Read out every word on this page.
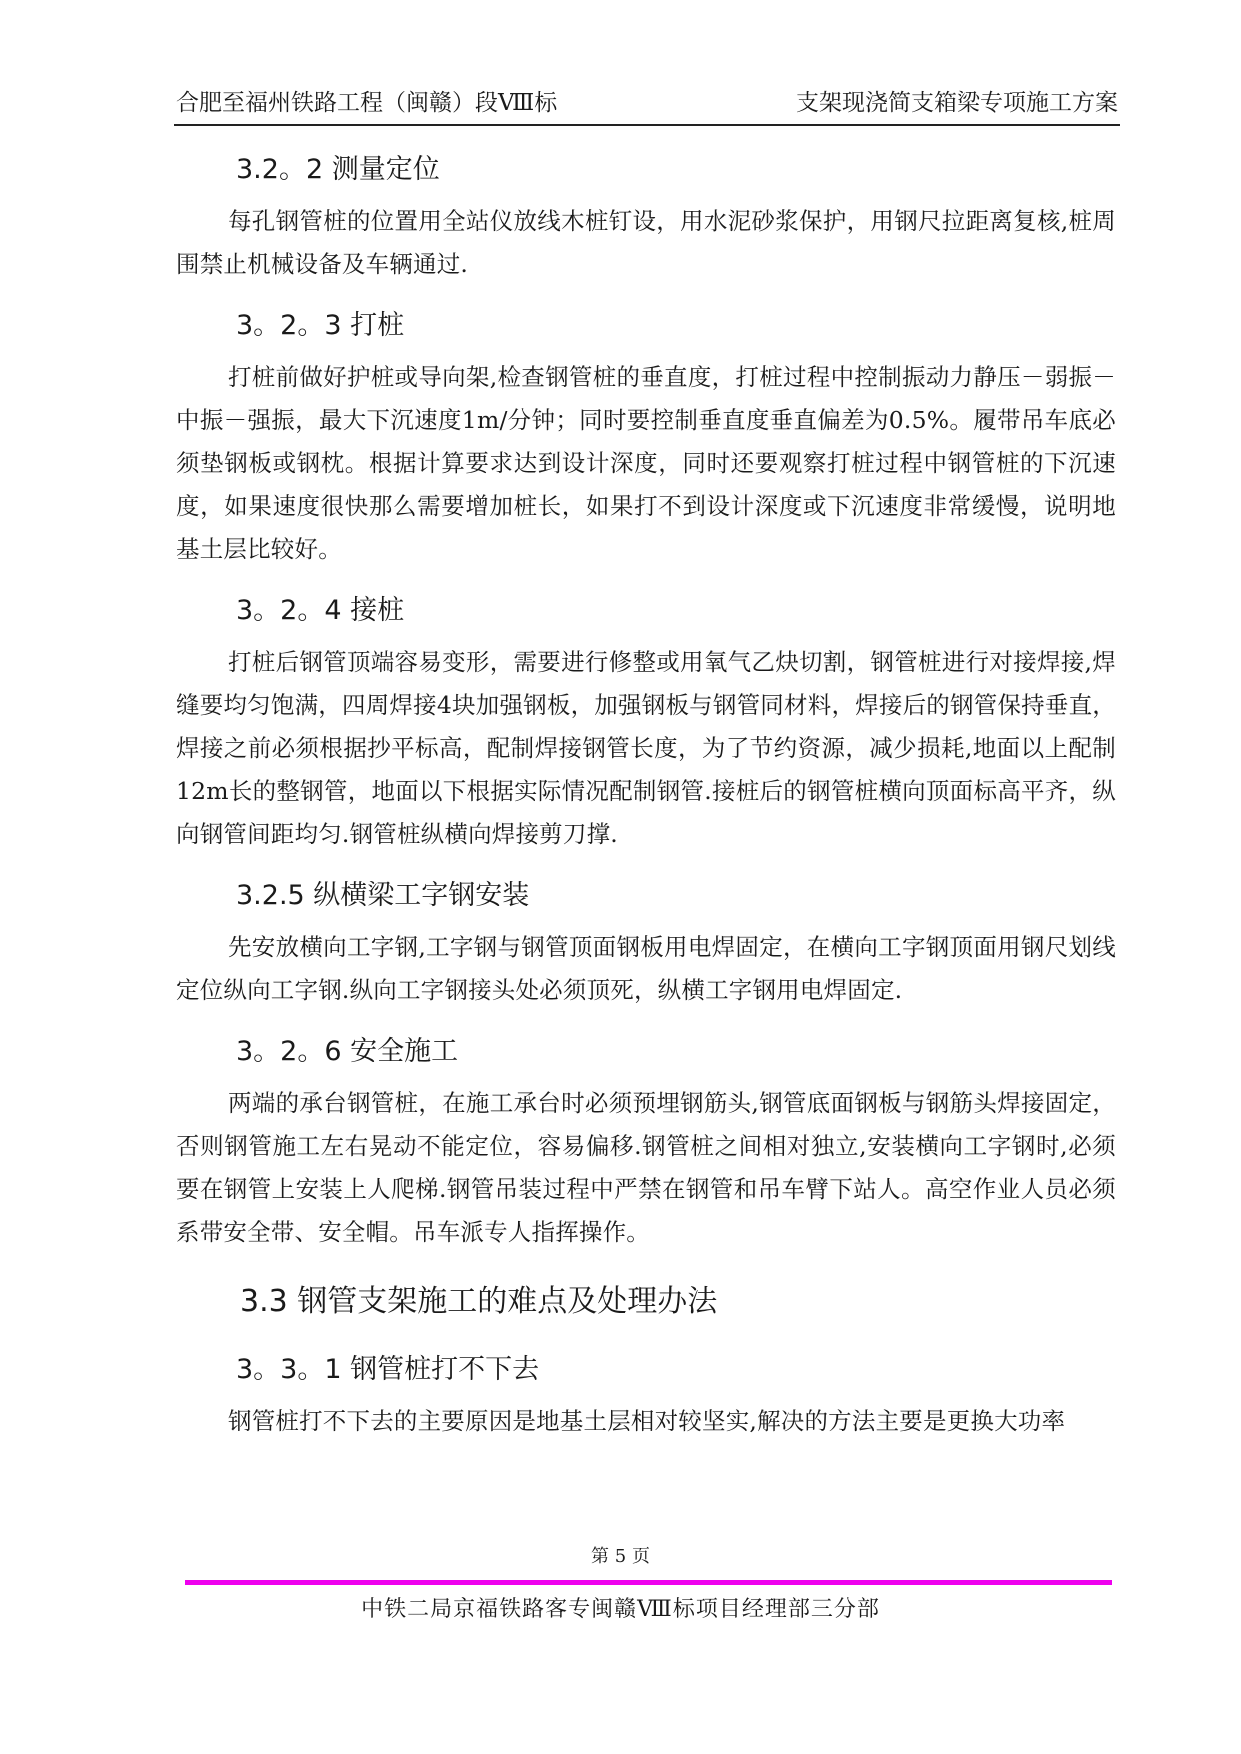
合肥至福州铁路工程（闽赣）段Ⅷ标	支架现浇简支箱梁专项施工方案
3.2。2 测量定位
每孔钢管桩的位置用全站仪放线木桩钉设，用水泥砂浆保护，用钢尺拉距离复核,桩周围禁止机械设备及车辆通过.
3。2。3 打桩
打桩前做好护桩或导向架,检查钢管桩的垂直度，打桩过程中控制振动力静压－弱振－中振－强振，最大下沉速度1m/分钟；同时要控制垂直度垂直偏差为0.5%。履带吊车底必须垫钢板或钢枕。根据计算要求达到设计深度，同时还要观察打桩过程中钢管桩的下沉速度，如果速度很快那么需要增加桩长，如果打不到设计深度或下沉速度非常缓慢，说明地基土层比较好。
3。2。4 接桩
打桩后钢管顶端容易变形，需要进行修整或用氧气乙炔切割，钢管桩进行对接焊接,焊缝要均匀饱满，四周焊接4块加强钢板，加强钢板与钢管同材料，焊接后的钢管保持垂直，焊接之前必须根据抄平标高，配制焊接钢管长度，为了节约资源，减少损耗,地面以上配制12m长的整钢管，地面以下根据实际情况配制钢管.接桩后的钢管桩横向顶面标高平齐，纵向钢管间距均匀.钢管桩纵横向焊接剪刀撑.
3.2.5 纵横梁工字钢安装
先安放横向工字钢,工字钢与钢管顶面钢板用电焊固定，在横向工字钢顶面用钢尺划线定位纵向工字钢.纵向工字钢接头处必须顶死，纵横工字钢用电焊固定.
3。2。6 安全施工
两端的承台钢管桩，在施工承台时必须预埋钢筋头,钢管底面钢板与钢筋头焊接固定，否则钢管施工左右晃动不能定位，容易偏移.钢管桩之间相对独立,安装横向工字钢时,必须要在钢管上安装上人爬梯.钢管吊装过程中严禁在钢管和吊车臂下站人。高空作业人员必须系带安全带、安全帽。吊车派专人指挥操作。
3.3 钢管支架施工的难点及处理办法
3。3。1 钢管桩打不下去
钢管桩打不下去的主要原因是地基土层相对较坚实,解决的方法主要是更换大功率
第 5 页
中铁二局京福铁路客专闽赣Ⅷ标项目经理部三分部
